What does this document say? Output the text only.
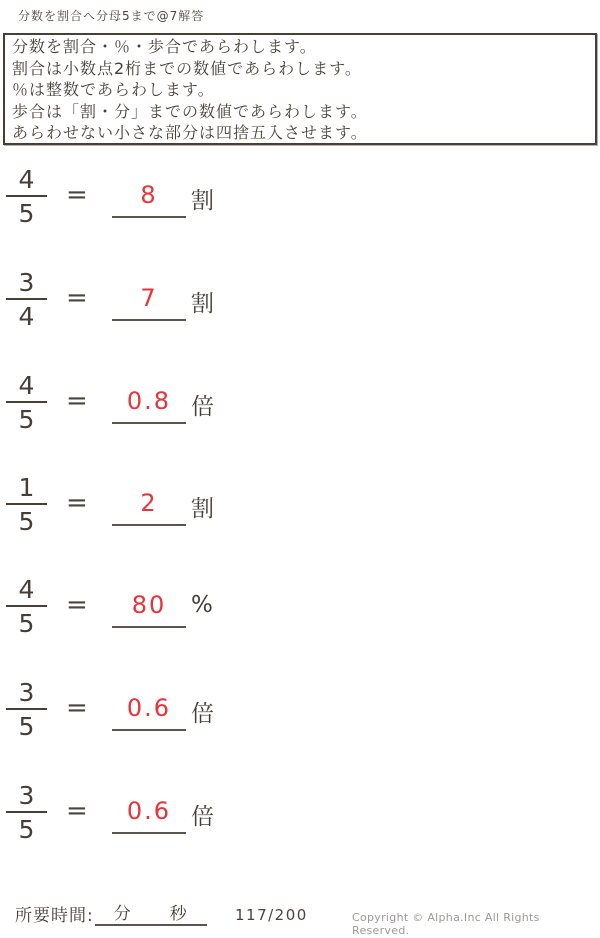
分数を割合へ分母5まで@7解答
分数を割合・％・歩合であらわします。
割合は小数点2桁までの数値であらわします。
％は整数であらわします。
歩合は「割・分」までの数値であらわします。
あらわせない小さな部分は四捨五入させます。
4
5
=	8	割
3
4
=	7	割
4
5
=	0.8 倍
1
5
=	2	割
4
5
=	80	%
3
5
=	0.6 倍
3
5
=	0.6 倍
所要時間: 分 秒	117/200	Copyright © Alpha.Inc All Rights Reserved.
